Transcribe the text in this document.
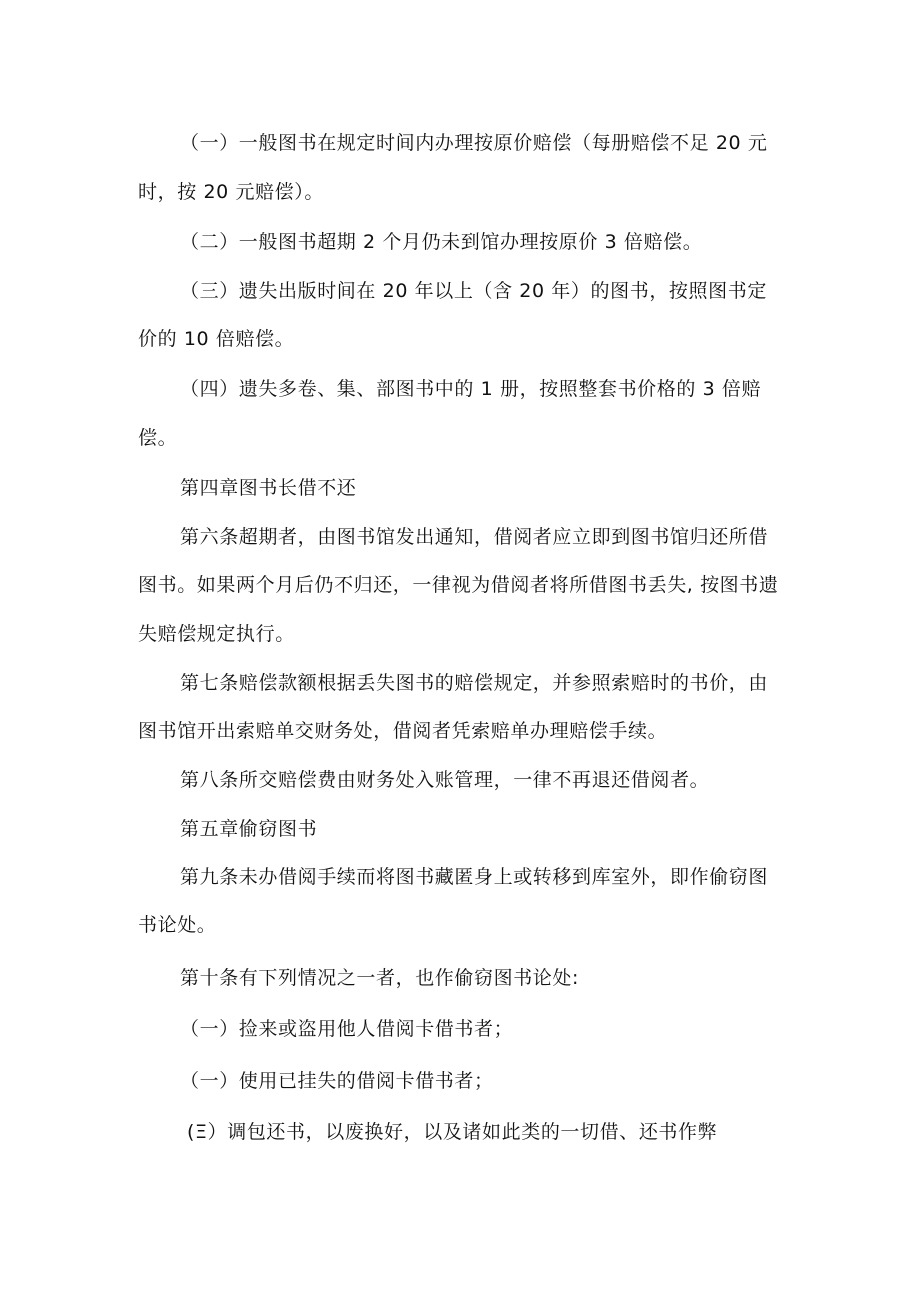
（一）一般图书在规定时间内办理按原价赔偿（每册赔偿不足 20 元
时，按 20 元赔偿）。
（二）一般图书超期 2 个月仍未到馆办理按原价 3 倍赔偿。
（三）遗失出版时间在 20 年以上（含 20 年）的图书，按照图书定
价的 10 倍赔偿。
（四）遗失多卷、集、部图书中的 1 册，按照整套书价格的 3 倍赔
偿。
第四章图书长借不还
第六条超期者，由图书馆发出通知，借阅者应立即到图书馆归还所借
图书。如果两个月后仍不归还，一律视为借阅者将所借图书丢失, 按图书遗
失赔偿规定执行。
第七条赔偿款额根据丢失图书的赔偿规定，并参照索赔时的书价，由
图书馆开出索赔单交财务处，借阅者凭索赔单办理赔偿手续。
第八条所交赔偿费由财务处入账管理，一律不再退还借阅者。
第五章偷窃图书
第九条未办借阅手续而将图书藏匿身上或转移到库室外，即作偷窃图
书论处。
第十条有下列情况之一者，也作偷窃图书论处:
（一）捡来或盗用他人借阅卡借书者；
（一）使用已挂失的借阅卡借书者；
(Ξ）调包还书，以废换好，以及诸如此类的一切借、还书作弊
